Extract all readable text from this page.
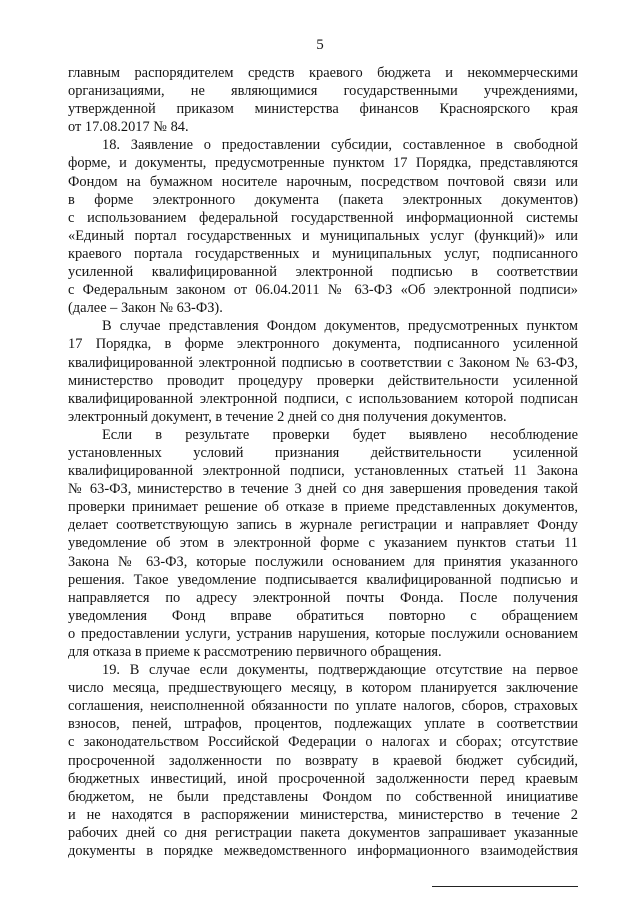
5
главным распорядителем средств краевого бюджета и некоммерческими
организациями, не являющимися государственными учреждениями,
утвержденной приказом министерства финансов Красноярского края
от 17.08.2017 № 84.
18. Заявление о предоставлении субсидии, составленное в свободной
форме, и документы, предусмотренные пунктом 17 Порядка, представляются
Фондом на бумажном носителе нарочным, посредством почтовой связи или
в форме электронного документа (пакета электронных документов)
с использованием федеральной государственной информационной системы
«Единый портал государственных и муниципальных услуг (функций)» или
краевого портала государственных и муниципальных услуг, подписанного
усиленной квалифицированной электронной подписью в соответствии
с Федеральным законом от 06.04.2011 № 63-ФЗ «Об электронной подписи»
(далее – Закон № 63-ФЗ).
В случае представления Фондом документов, предусмотренных пунктом
17 Порядка, в форме электронного документа, подписанного усиленной
квалифицированной электронной подписью в соответствии с Законом № 63-ФЗ,
министерство проводит процедуру проверки действительности усиленной
квалифицированной электронной подписи, с использованием которой подписан
электронный документ, в течение 2 дней со дня получения документов.
Если в результате проверки будет выявлено несоблюдение
установленных условий признания действительности усиленной
квалифицированной электронной подписи, установленных статьей 11 Закона
№ 63-ФЗ, министерство в течение 3 дней со дня завершения проведения такой
проверки принимает решение об отказе в приеме представленных документов,
делает соответствующую запись в журнале регистрации и направляет Фонду
уведомление об этом в электронной форме с указанием пунктов статьи 11
Закона № 63-ФЗ, которые послужили основанием для принятия указанного
решения. Такое уведомление подписывается квалифицированной подписью и
направляется по адресу электронной почты Фонда. После получения
уведомления Фонд вправе обратиться повторно с обращением
о предоставлении услуги, устранив нарушения, которые послужили основанием
для отказа в приеме к рассмотрению первичного обращения.
19. В случае если документы, подтверждающие отсутствие на первое
число месяца, предшествующего месяцу, в котором планируется заключение
соглашения, неисполненной обязанности по уплате налогов, сборов, страховых
взносов, пеней, штрафов, процентов, подлежащих уплате в соответствии
с законодательством Российской Федерации о налогах и сборах; отсутствие
просроченной задолженности по возврату в краевой бюджет субсидий,
бюджетных инвестиций, иной просроченной задолженности перед краевым
бюджетом, не были представлены Фондом по собственной инициативе
и не находятся в распоряжении министерства, министерство в течение 2
рабочих дней со дня регистрации пакета документов запрашивает указанные
документы в порядке межведомственного информационного взаимодействия
